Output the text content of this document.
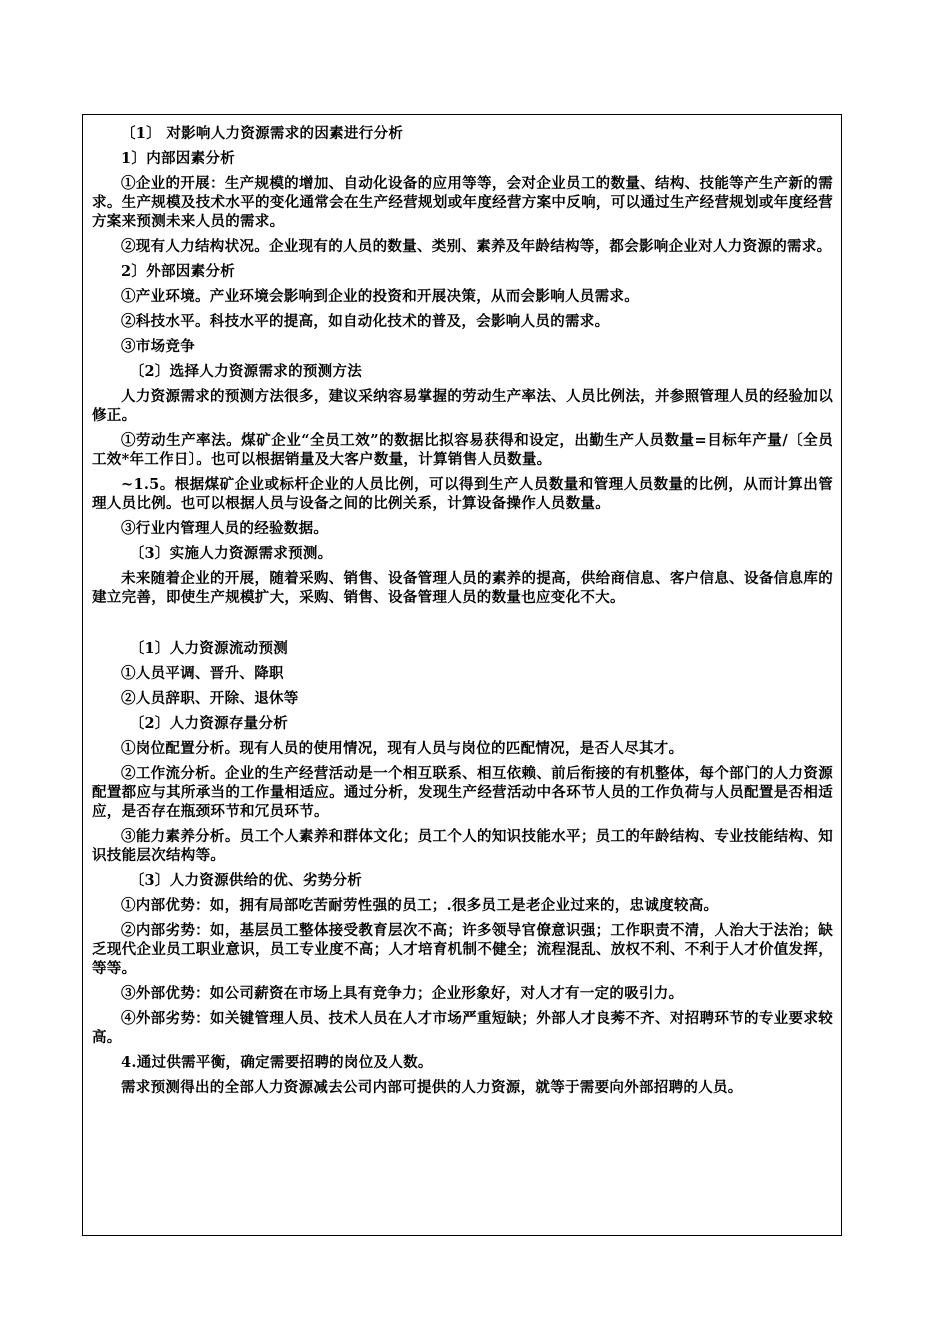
〔1〕 对影响人力资源需求的因素进行分析

1〕内部因素分析

①企业的开展：生产规模的增加、自动化设备的应用等等，会对企业员工的数量、结构、技能等产生产新的需求。生产规模及技术水平的变化通常会在生产经营规划或年度经营方案中反响，可以通过生产经营规划或年度经营方案来预测未来人员的需求。

②现有人力结构状况。企业现有的人员的数量、类别、素养及年龄结构等，都会影响企业对人力资源的需求。

2〕外部因素分析

①产业环境。产业环境会影响到企业的投资和开展决策，从而会影响人员需求。

②科技水平。科技水平的提高，如自动化技术的普及，会影响人员的需求。

③市场竞争

〔2〕选择人力资源需求的预测方法

人力资源需求的预测方法很多，建议采纳容易掌握的劳动生产率法、人员比例法，并参照管理人员的经验加以修正。

①劳动生产率法。煤矿企业“全员工效”的数据比拟容易获得和设定，出勤生产人员数量=目标年产量/〔全员工效*年工作日〕。也可以根据销量及大客户数量，计算销售人员数量。

~1.5。根据煤矿企业或标杆企业的人员比例，可以得到生产人员数量和管理人员数量的比例，从而计算出管理人员比例。也可以根据人员与设备之间的比例关系，计算设备操作人员数量。

③行业内管理人员的经验数据。

〔3〕实施人力资源需求预测。

未来随着企业的开展，随着采购、销售、设备管理人员的素养的提高，供给商信息、客户信息、设备信息库的建立完善，即使生产规模扩大，采购、销售、设备管理人员的数量也应变化不大。

〔1〕人力资源流动预测

①人员平调、晋升、降职

②人员辞职、开除、退休等

〔2〕人力资源存量分析

①岗位配置分析。现有人员的使用情况，现有人员与岗位的匹配情况，是否人尽其才。

②工作流分析。企业的生产经营活动是一个相互联系、相互依赖、前后衔接的有机整体，每个部门的人力资源配置都应与其所承当的工作量相适应。通过分析，发现生产经营活动中各环节人员的工作负荷与人员配置是否相适应，是否存在瓶颈环节和冗员环节。

③能力素养分析。员工个人素养和群体文化；员工个人的知识技能水平；员工的年龄结构、专业技能结构、知识技能层次结构等。

〔3〕人力资源供给的优、劣势分析

①内部优势：如，拥有局部吃苦耐劳性强的员工；.很多员工是老企业过来的，忠诚度较高。

②内部劣势：如，基层员工整体接受教育层次不高；许多领导官僚意识强；工作职责不清，人治大于法治；缺乏现代企业员工职业意识，员工专业度不高；人才培育机制不健全；流程混乱、放权不利、不利于人才价值发挥，等等。

③外部优势：如公司薪资在市场上具有竞争力；企业形象好，对人才有一定的吸引力。

④外部劣势：如关键管理人员、技术人员在人才市场严重短缺；外部人才良莠不齐、对招聘环节的专业要求较高。

4.通过供需平衡，确定需要招聘的岗位及人数。

需求预测得出的全部人力资源减去公司内部可提供的人力资源，就等于需要向外部招聘的人员。
